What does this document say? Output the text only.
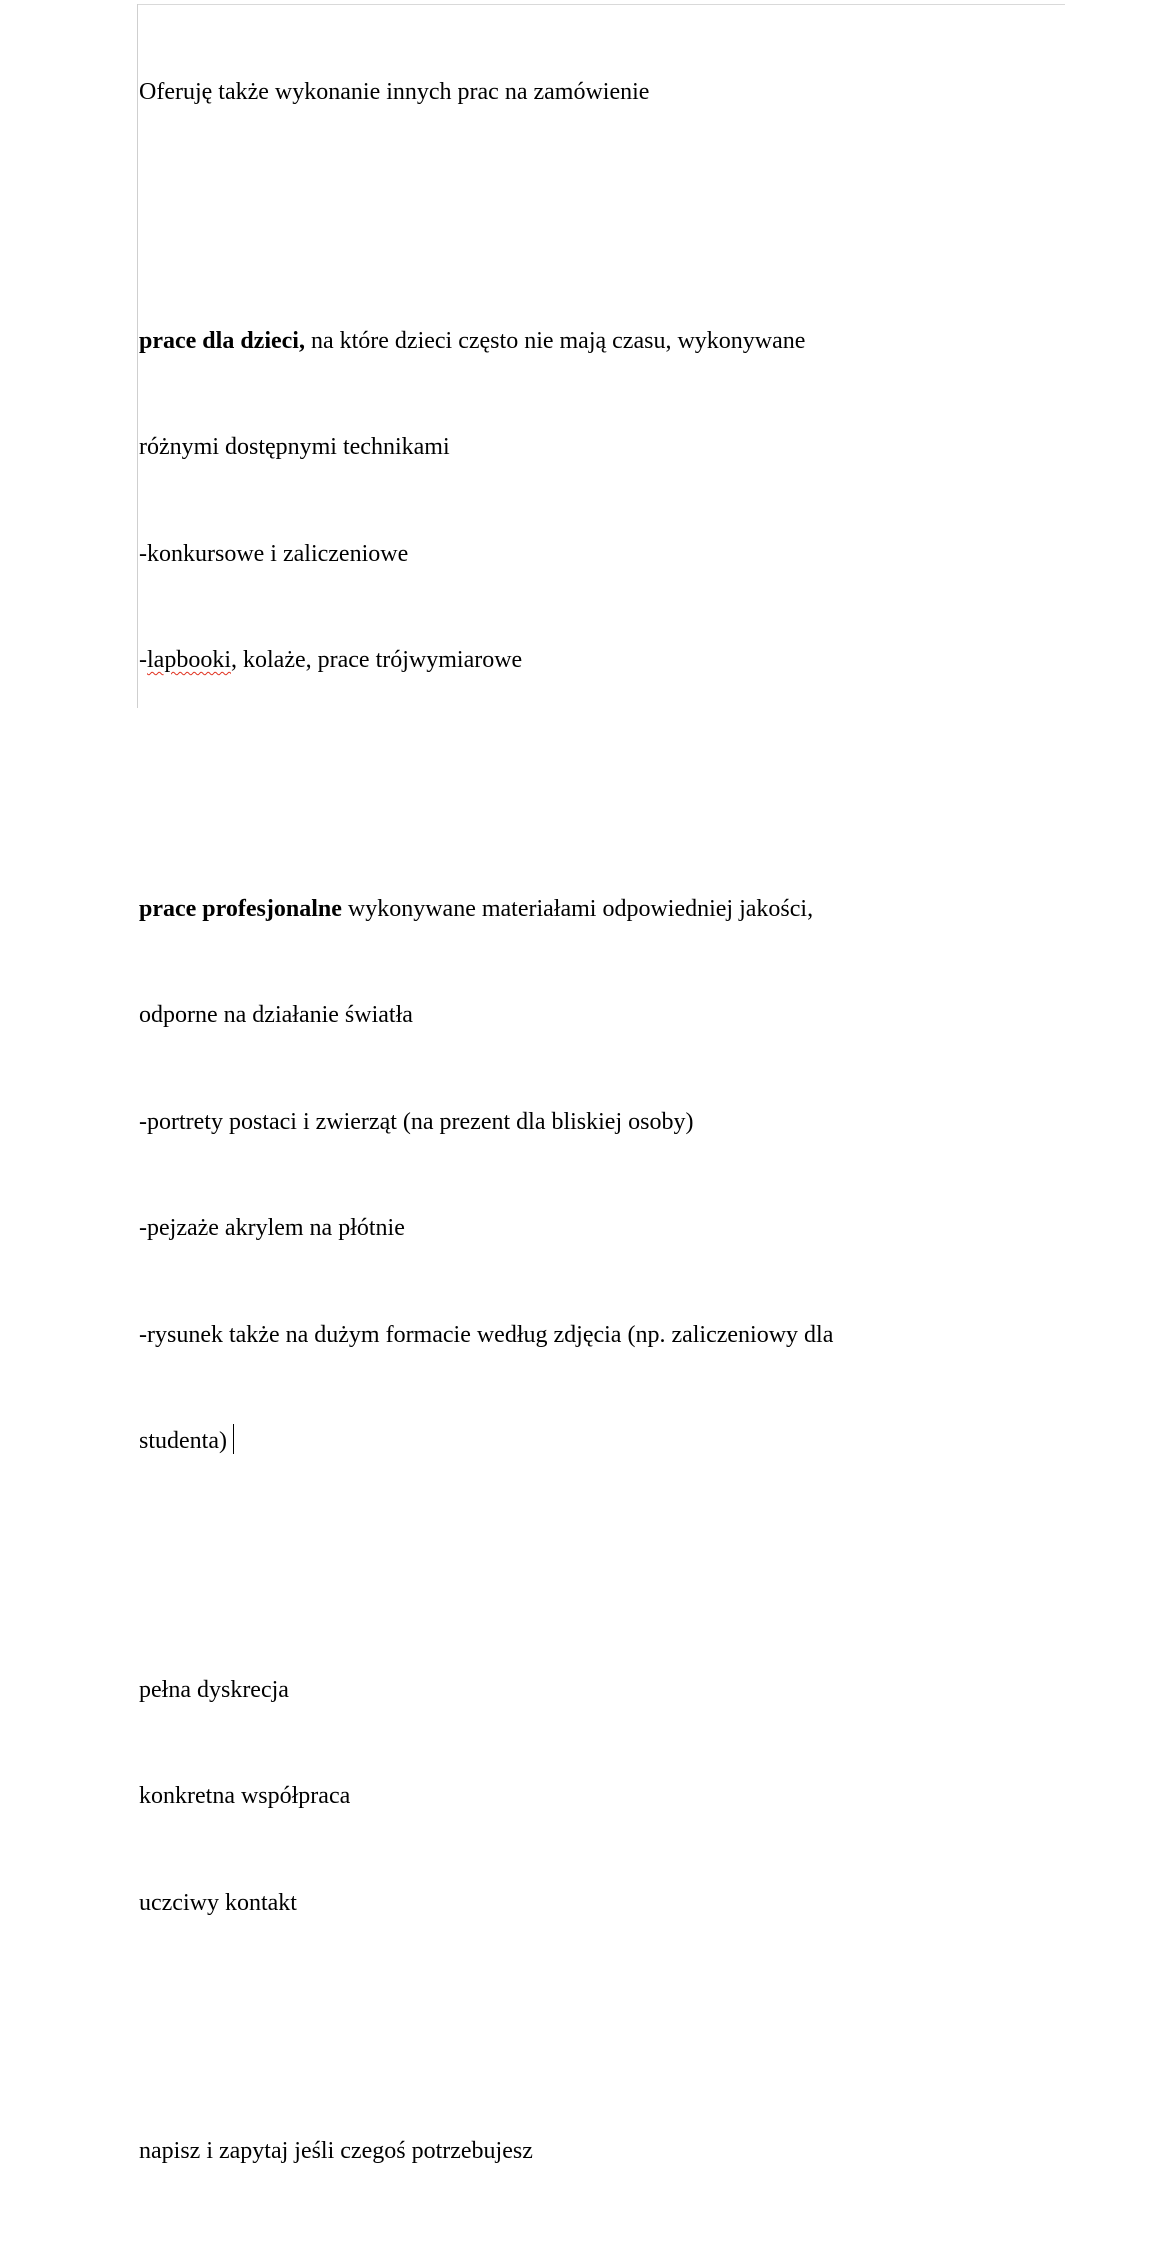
Oferuję także wykonanie innych prac na zamówienie

prace dla dzieci, na które dzieci często nie mają czasu, wykonywane

różnymi dostępnymi technikami

-konkursowe i zaliczeniowe

-lapbooki, kolaże, prace trójwymiarowe

prace profesjonalne wykonywane materiałami odpowiedniej jakości,

odporne na działanie światła

-portrety postaci i zwierząt (na prezent dla bliskiej osoby)

-pejzaże akrylem na płótnie

-rysunek także na dużym formacie według zdjęcia (np. zaliczeniowy dla

studenta)

pełna dyskrecja

konkretna współpraca

uczciwy kontakt

napisz i zapytaj jeśli czegoś potrzebujesz
